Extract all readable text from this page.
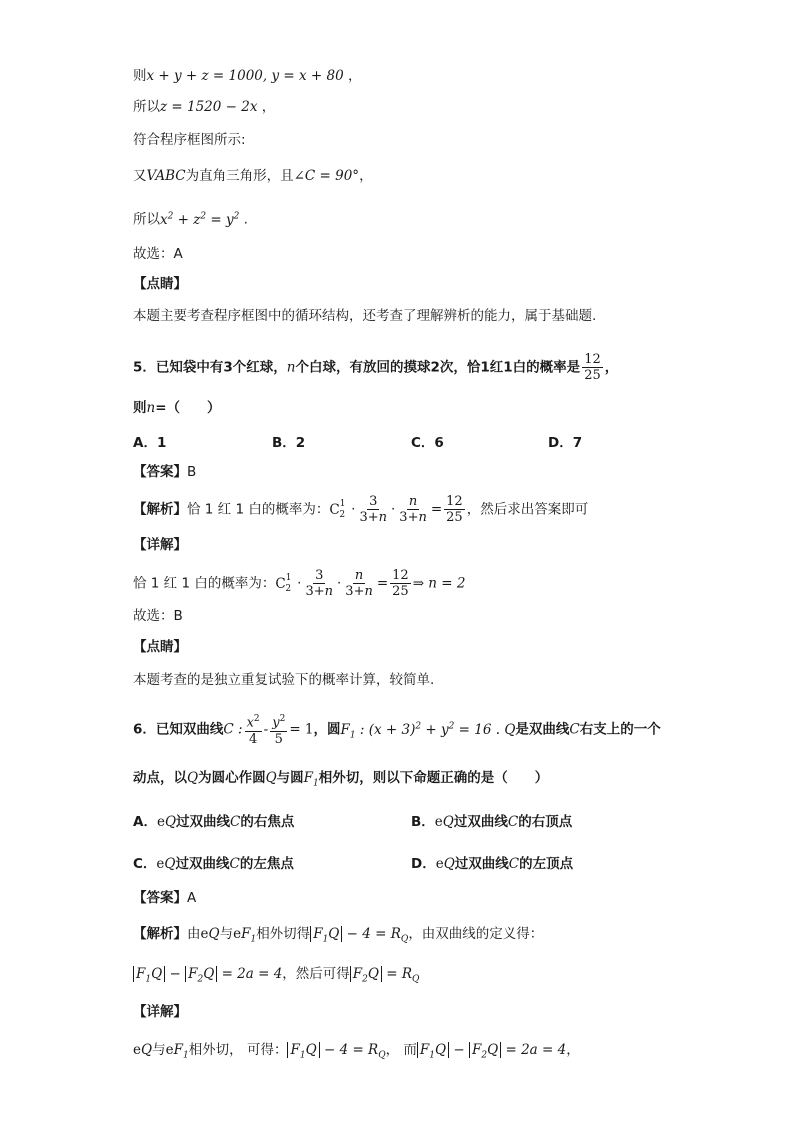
则x + y + z = 1000, y = x + 80 ，
所以z = 1520 − 2x ，
符合程序框图所示:
又VABC为直角三角形，且∠C = 90°，
所以$x^2 + z^2 = y^2$ .
故选：A
【点睛】
本题主要考查程序框图中的循环结构，还考查了理解辨析的能力，属于基础题.
5．已知袋中有3个红球，n个白球，有放回的摸球2次，恰1红1白的概率是 $\frac{12}{25}$ ，
则n=（　　）
A．1	B．2	C．6	D．7
【答案】B
【解析】恰 1 红 1 白的概率为：$C^1_2 \cdot \frac{3}{3+n} \cdot \frac{n}{3+n} = \frac{12}{25}$ ，然后求出答案即可
【详解】
恰 1 红 1 白的概率为：$C^1_2 \cdot \frac{3}{3+n} \cdot \frac{n}{3+n} = \frac{12}{25}$ ⇒ n = 2
故选：B
【点睛】
本题考查的是独立重复试验下的概率计算，较简单.
6．已知双曲线C : $\frac{x^2}{4} - \frac{y^2}{5} = 1$，圆$F_1$ : $(x + 3)^2 + y^2 = 16$ . Q是双曲线C右支上的一个
动点，以Q为圆心作圆Q与圆$F_1$相外切，则以下命题正确的是（　　）
A．eQ过双曲线C的右焦点	B．eQ过双曲线C的右顶点
C．eQ过双曲线C的左焦点	D．eQ过双曲线C的左顶点
【答案】A
【解析】由eQ与$eF_1$相外切得 $F_1Q - 4 = R_Q$，由双曲线的定义得：
$F_1Q - F_2Q = 2a = 4$，然后可得 $F_2Q = R_Q$
【详解】
eQ与$eF_1$相外切， 可得： $F_1Q - 4 = R_Q$， 而 $F_1Q - F_2Q = 2a = 4$，
